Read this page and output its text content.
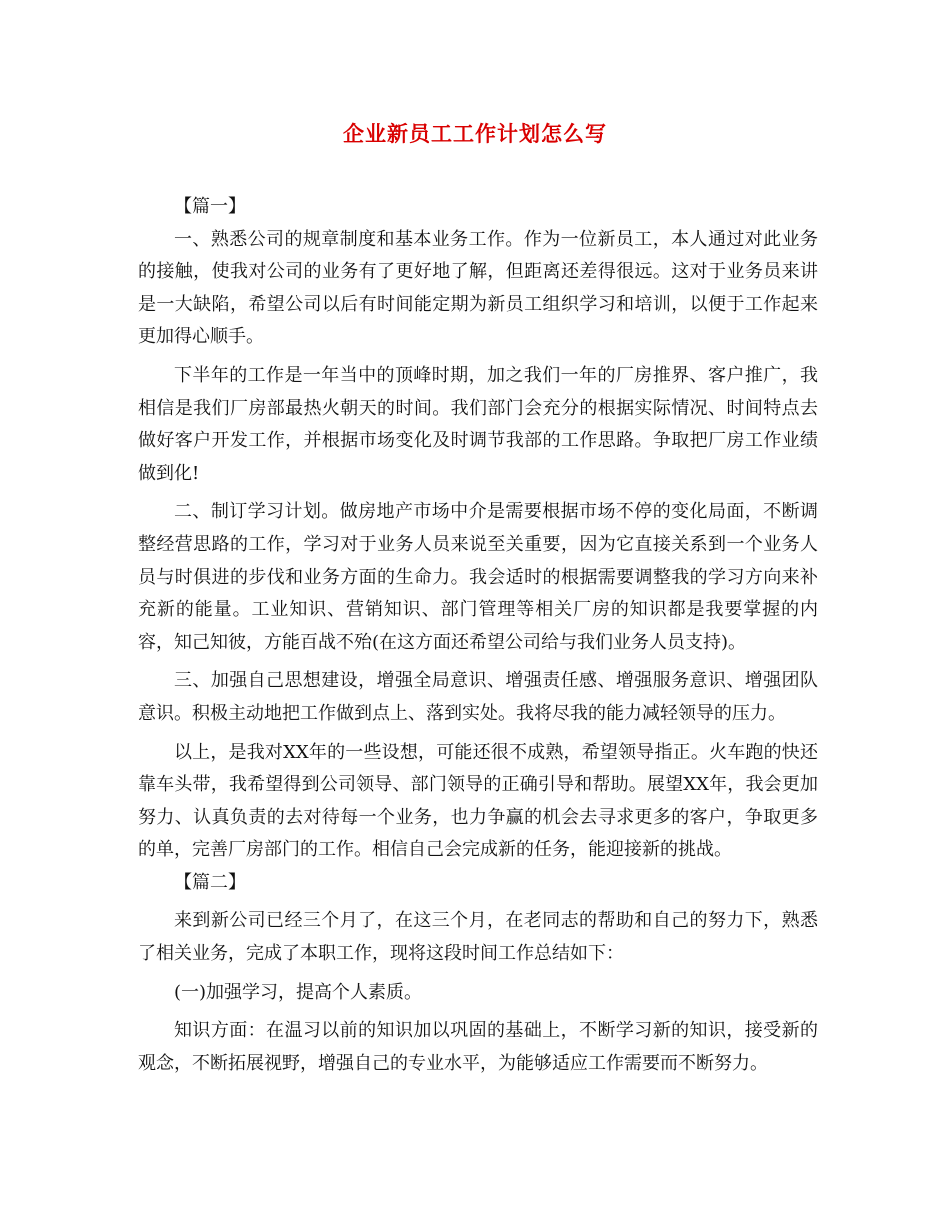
企业新员工工作计划怎么写

【篇一】

一、熟悉公司的规章制度和基本业务工作。作为一位新员工，本人通过对此业务的接触，使我对公司的业务有了更好地了解，但距离还差得很远。这对于业务员来讲是一大缺陷，希望公司以后有时间能定期为新员工组织学习和培训，以便于工作起来更加得心顺手。

下半年的工作是一年当中的顶峰时期，加之我们一年的厂房推界、客户推广，我相信是我们厂房部最热火朝天的时间。我们部门会充分的根据实际情况、时间特点去做好客户开发工作，并根据市场变化及时调节我部的工作思路。争取把厂房工作业绩做到化!

二、制订学习计划。做房地产市场中介是需要根据市场不停的变化局面，不断调整经营思路的工作，学习对于业务人员来说至关重要，因为它直接关系到一个业务人员与时俱进的步伐和业务方面的生命力。我会适时的根据需要调整我的学习方向来补充新的能量。工业知识、营销知识、部门管理等相关厂房的知识都是我要掌握的内容，知己知彼，方能百战不殆(在这方面还希望公司给与我们业务人员支持)。

三、加强自己思想建设，增强全局意识、增强责任感、增强服务意识、增强团队意识。积极主动地把工作做到点上、落到实处。我将尽我的能力减轻领导的压力。

以上，是我对XX年的一些设想，可能还很不成熟，希望领导指正。火车跑的快还靠车头带，我希望得到公司领导、部门领导的正确引导和帮助。展望XX年，我会更加努力、认真负责的去对待每一个业务，也力争赢的机会去寻求更多的客户，争取更多的单，完善厂房部门的工作。相信自己会完成新的任务，能迎接新的挑战。

【篇二】

来到新公司已经三个月了，在这三个月，在老同志的帮助和自己的努力下，熟悉了相关业务，完成了本职工作，现将这段时间工作总结如下：

(一)加强学习，提高个人素质。

知识方面：在温习以前的知识加以巩固的基础上，不断学习新的知识，接受新的观念，不断拓展视野，增强自己的专业水平，为能够适应工作需要而不断努力。
